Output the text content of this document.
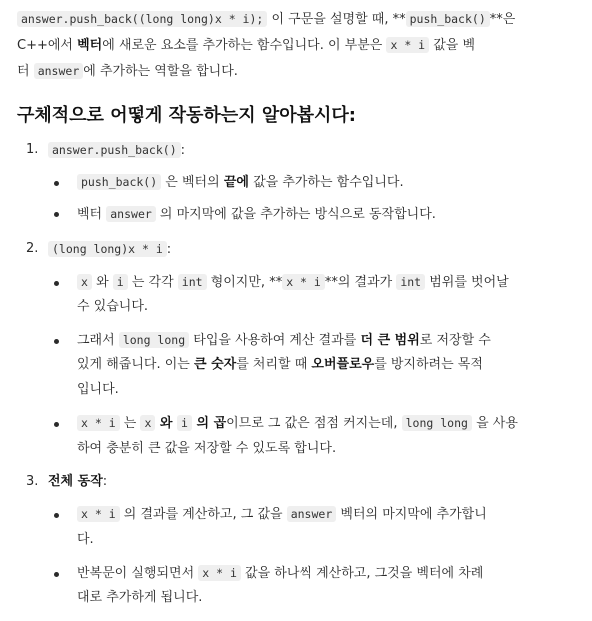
answer.push_back((long long)x * i); 이 구문을 설명할 때, ** push_back() **은
C++에서 벡터에 새로운 요소를 추가하는 함수입니다. 이 부분은 x * i 값을 벡
터 answer 에 추가하는 역할을 합니다.
구체적으로 어떻게 작동하는지 알아봅시다:
1.	answer.push_back() :
push_back() 은 벡터의 끝에 값을 추가하는 함수입니다.
벡터 answer 의 마지막에 값을 추가하는 방식으로 동작합니다.
2.	(long long)x * i :
x 와 i 는 각각 int 형이지만, ** x * i **의 결과가 int 범위를 벗어날
수 있습니다.
그래서 long long 타입을 사용하여 계산 결과를 더 큰 범위로 저장할 수
있게 해줍니다. 이는 큰 숫자를 처리할 때 오버플로우를 방지하려는 목적
입니다.
x * i 는 x 와 i 의 곱이므로 그 값은 점점 커지는데, long long 을 사용
하여 충분히 큰 값을 저장할 수 있도록 합니다.
3. 전체 동작:
x * i 의 결과를 계산하고, 그 값을 answer 벡터의 마지막에 추가합니
다.
반복문이 실행되면서 x * i 값을 하나씩 계산하고, 그것을 벡터에 차례
대로 추가하게 됩니다.
